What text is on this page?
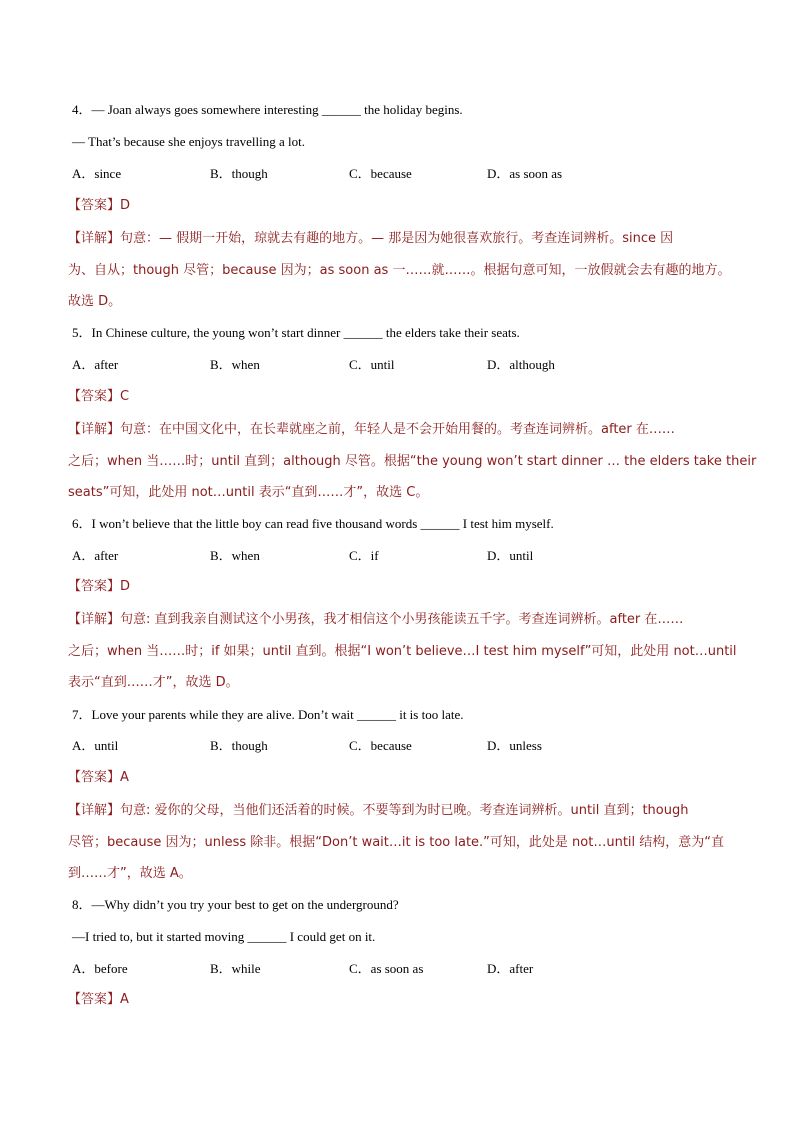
4．— Joan always goes somewhere interesting ______ the holiday begins.
— That’s because she enjoys travelling a lot.
A．since	B．though	C．because	D．as soon as
【答案】D
【详解】句意：— 假期一开始，琼就去有趣的地方。— 那是因为她很喜欢旅行。考查连词辨析。since 因
为、自从；though 尽管；because 因为；as soon as 一……就……。根据句意可知，一放假就会去有趣的地方。
故选 D。
5．In Chinese culture, the young won’t start dinner ______ the elders take their seats.
A．after	B．when	C．until	D．although
【答案】C
【详解】句意：在中国文化中，在长辈就座之前，年轻人是不会开始用餐的。考查连词辨析。after 在……
之后；when 当……时；until 直到；although 尽管。根据“the young won’t start dinner … the elders take their
seats”可知，此处用 not…until 表示“直到……才”，故选 C。
6．I won’t believe that the little boy can read five thousand words ______ I test him myself.
A．after	B．when	C．if	D．until
【答案】D
【详解】句意: 直到我亲自测试这个小男孩，我才相信这个小男孩能读五千字。考查连词辨析。after 在……
之后；when 当……时；if 如果；until 直到。根据“I won’t believe…I test him myself”可知，此处用 not…until
表示“直到……才”，故选 D。
7．Love your parents while they are alive. Don’t wait ______ it is too late.
A．until	B．though	C．because	D．unless
【答案】A
【详解】句意: 爱你的父母，当他们还活着的时候。不要等到为时已晚。考查连词辨析。until 直到；though
尽管；because 因为；unless 除非。根据“Don’t wait…it is too late.”可知，此处是 not…until 结构，意为“直
到……才”，故选 A。
8．—Why didn’t you try your best to get on the underground?
—I tried to, but it started moving ______ I could get on it.
A．before	B．while	C．as soon as	D．after
【答案】A
